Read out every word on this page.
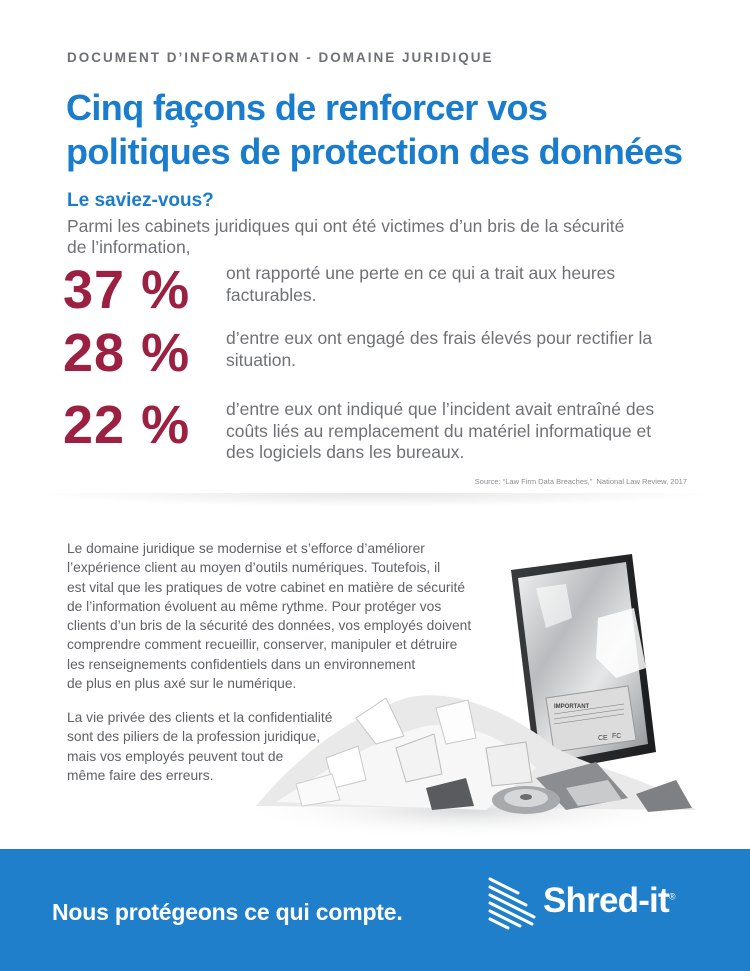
DOCUMENT D’INFORMATION - DOMAINE JURIDIQUE
Cinq façons de renforcer vos
politiques de protection des données
Le saviez-vous?

Parmi les cabinets juridiques qui ont été victimes d’un bris de la sécurité
de l’information,

37 % ont rapporté une perte en ce qui a trait aux heures
facturables.

28 % d’entre eux ont engagé des frais élevés pour rectifier la
situation.

22 % d’entre eux ont indiqué que l’incident avait entraîné des
coûts liés au remplacement du matériel informatique et
des logiciels dans les bureaux.

Source: “Law Firm Data Breaches,” National Law Review, 2017

Le domaine juridique se modernise et s’efforce d’améliorer
l’expérience client au moyen d’outils numériques. Toutefois, il
est vital que les pratiques de votre cabinet en matière de sécurité
de l’information évoluent au même rythme. Pour protéger vos
clients d’un bris de la sécurité des données, vos employés doivent
comprendre comment recueillir, conserver, manipuler et détruire
les renseignements confidentiels dans un environnement
de plus en plus axé sur le numérique.

La vie privée des clients et la confidentialité
sont des piliers de la profession juridique,
mais vos employés peuvent tout de
même faire des erreurs.

IMPORTANT
CE FC
Nous protégeons ce qui compte.	Shred-it®
